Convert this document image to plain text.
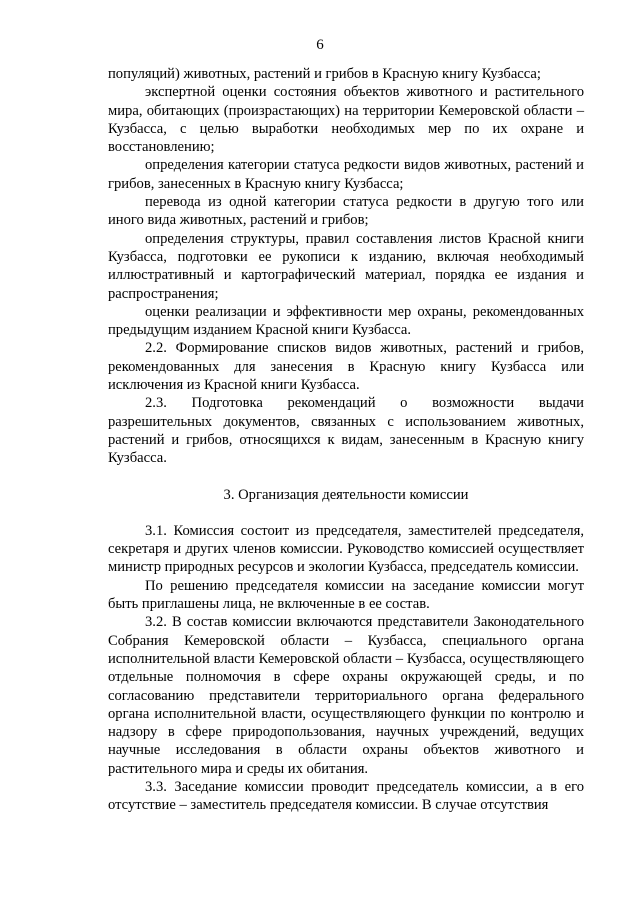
6

популяций) животных, растений и грибов в Красную книгу Кузбасса;

экспертной оценки состояния объектов животного и растительного мира, обитающих (произрастающих) на территории Кемеровской области – Кузбасса, с целью выработки необходимых мер по их охране и восстановлению;

определения категории статуса редкости видов животных, растений и грибов, занесенных в Красную книгу Кузбасса;

перевода из одной категории статуса редкости в другую того или иного вида животных, растений и грибов;

определения структуры, правил составления листов Красной книги Кузбасса, подготовки ее рукописи к изданию, включая необходимый иллюстративный и картографический материал, порядка ее издания и распространения;

оценки реализации и эффективности мер охраны, рекомендованных предыдущим изданием Красной книги Кузбасса.

2.2. Формирование списков видов животных, растений и грибов, рекомендованных для занесения в Красную книгу Кузбасса или исключения из Красной книги Кузбасса.

2.3. Подготовка рекомендаций о возможности выдачи разрешительных документов, связанных с использованием животных, растений и грибов, относящихся к видам, занесенным в Красную книгу Кузбасса.

3. Организация деятельности комиссии

3.1. Комиссия состоит из председателя, заместителей председателя, секретаря и других членов комиссии. Руководство комиссией осуществляет министр природных ресурсов и экологии Кузбасса, председатель комиссии.

По решению председателя комиссии на заседание комиссии могут быть приглашены лица, не включенные в ее состав.

3.2. В состав комиссии включаются представители Законодательного Собрания Кемеровской области – Кузбасса, специального органа исполнительной власти Кемеровской области – Кузбасса, осуществляющего отдельные полномочия в сфере охраны окружающей среды, и по согласованию представители территориального органа федерального органа исполнительной власти, осуществляющего функции по контролю и надзору в сфере природопользования, научных учреждений, ведущих научные исследования в области охраны объектов животного и растительного мира и среды их обитания.

3.3. Заседание комиссии проводит председатель комиссии, а в его отсутствие – заместитель председателя комиссии. В случае отсутствия
